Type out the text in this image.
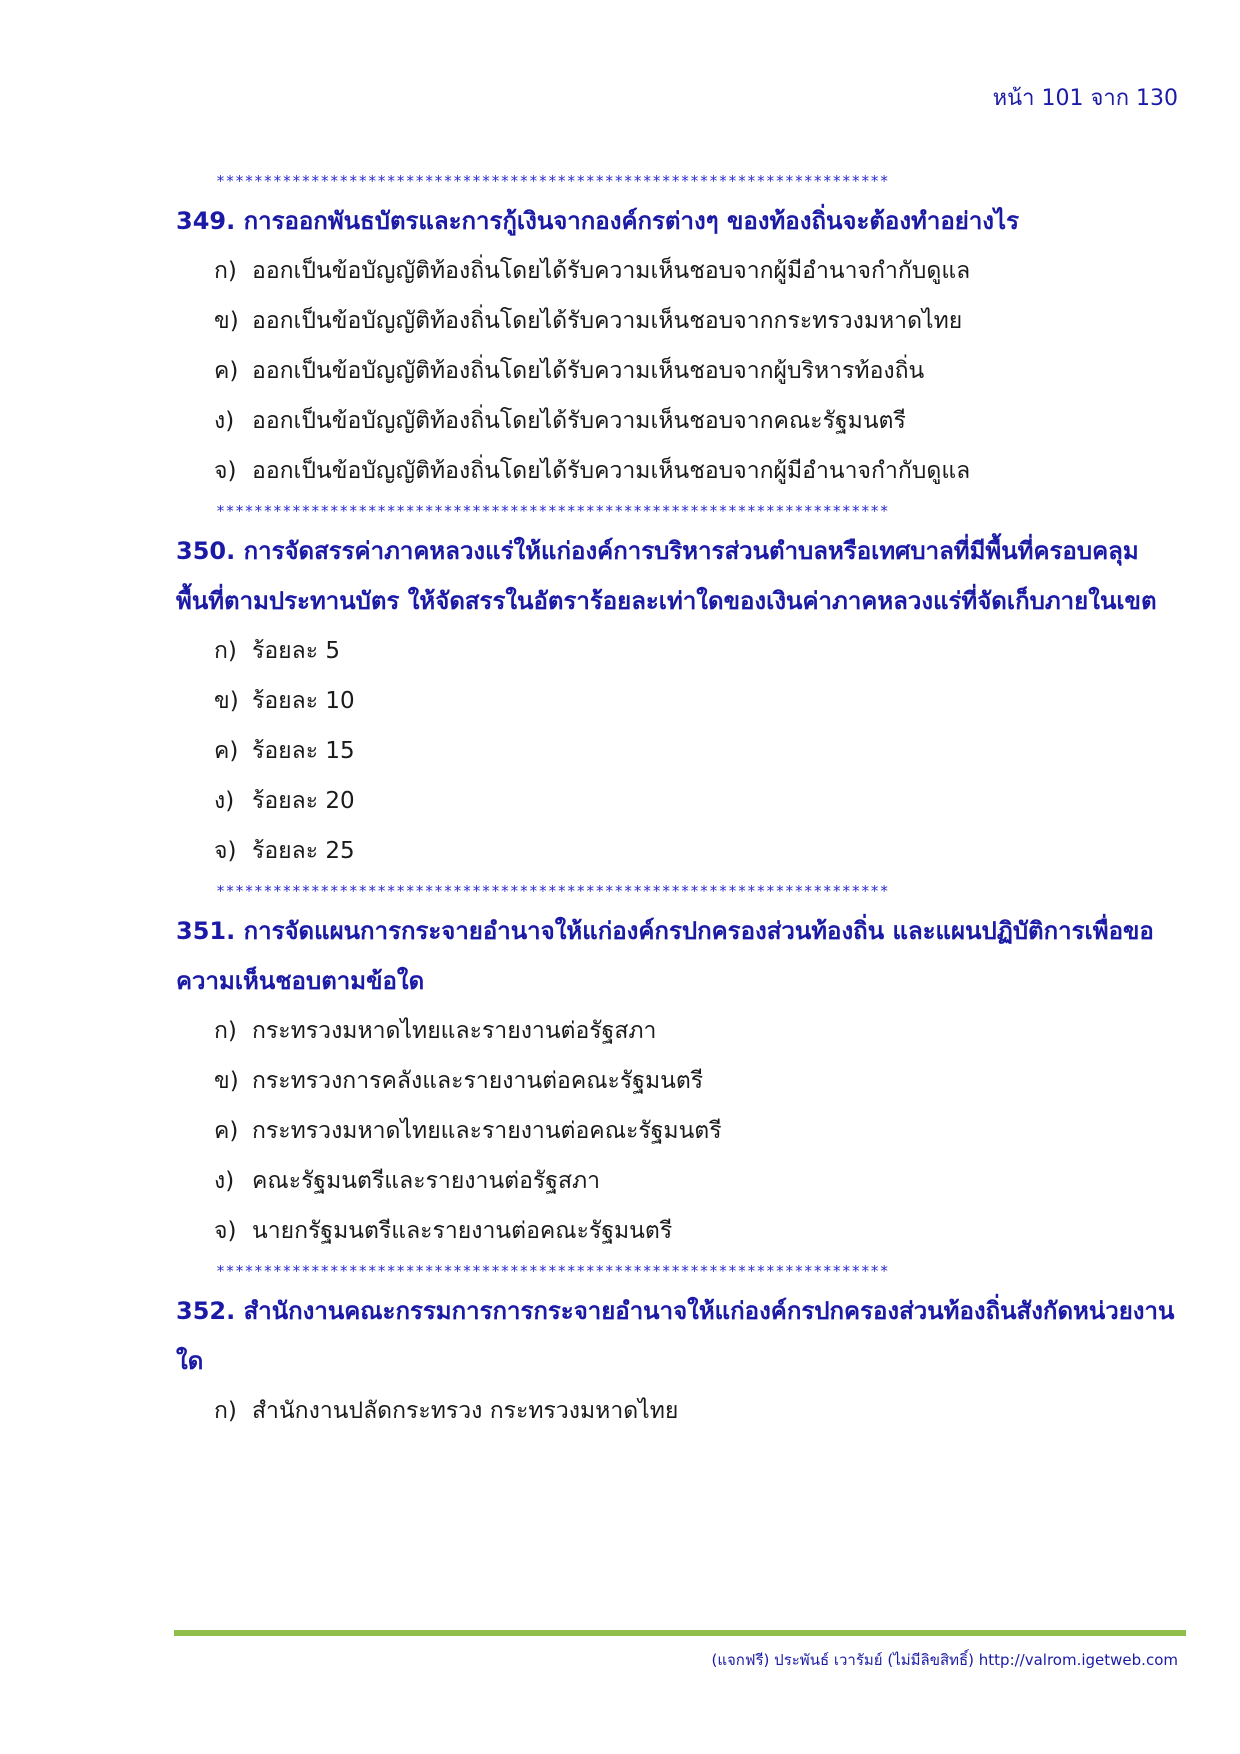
หน้า 101 จาก 130
***********************************************************************

349. การออกพันธบัตรและการกู้เงินจากองค์กรต่างๆ ของท้องถิ่นจะต้องทำอย่างไร

ก) ออกเป็นข้อบัญญัติท้องถิ่นโดยได้รับความเห็นชอบจากผู้มีอำนาจกำกับดูแล
ข) ออกเป็นข้อบัญญัติท้องถิ่นโดยได้รับความเห็นชอบจากกระทรวงมหาดไทย
ค) ออกเป็นข้อบัญญัติท้องถิ่นโดยได้รับความเห็นชอบจากผู้บริหารท้องถิ่น
ง) ออกเป็นข้อบัญญัติท้องถิ่นโดยได้รับความเห็นชอบจากคณะรัฐมนตรี
จ) ออกเป็นข้อบัญญัติท้องถิ่นโดยได้รับความเห็นชอบจากผู้มีอำนาจกำกับดูแล
***********************************************************************

350. การจัดสรรค่าภาคหลวงแร่ให้แก่องค์การบริหารส่วนตำบลหรือเทศบาลที่มีพื้นที่ครอบคลุมพื้นที่ตามประทานบัตร ให้จัดสรรในอัตราร้อยละเท่าใดของเงินค่าภาคหลวงแร่ที่จัดเก็บภายในเขต

ก) ร้อยละ 5
ข) ร้อยละ 10
ค) ร้อยละ 15
ง) ร้อยละ 20
จ) ร้อยละ 25
***********************************************************************

351. การจัดแผนการกระจายอำนาจให้แก่องค์กรปกครองส่วนท้องถิ่น และแผนปฏิบัติการเพื่อขอความเห็นชอบตามข้อใด

ก) กระทรวงมหาดไทยและรายงานต่อรัฐสภา
ข) กระทรวงการคลังและรายงานต่อคณะรัฐมนตรี
ค) กระทรวงมหาดไทยและรายงานต่อคณะรัฐมนตรี
ง) คณะรัฐมนตรีและรายงานต่อรัฐสภา
จ) นายกรัฐมนตรีและรายงานต่อคณะรัฐมนตรี
***********************************************************************

352. สำนักงานคณะกรรมการการกระจายอำนาจให้แก่องค์กรปกครองส่วนท้องถิ่นสังกัดหน่วยงานใด

ก) สำนักงานปลัดกระทรวง กระทรวงมหาดไทย
(แจกฟรี) ประพันธ์ เวารัมย์ (ไม่มีลิขสิทธิ์) http://valrom.igetweb.com
